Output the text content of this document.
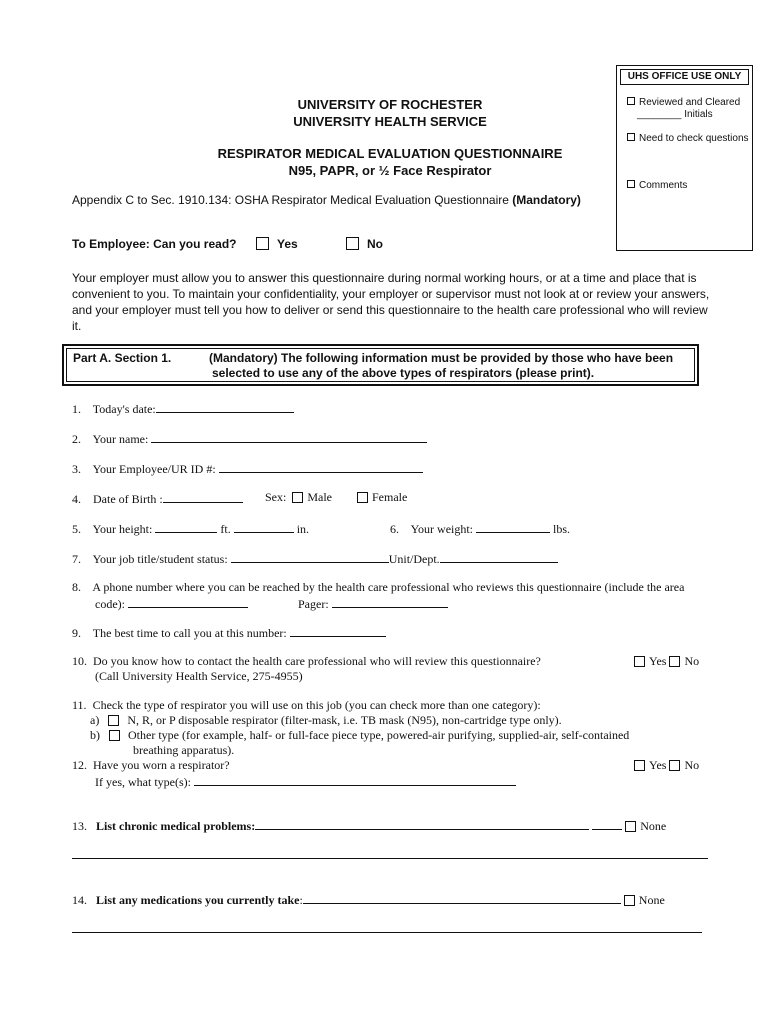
UHS OFFICE USE ONLY
Reviewed and Cleared
________ Initials
Need to check questions
Comments
UNIVERSITY OF ROCHESTER
UNIVERSITY HEALTH SERVICE
RESPIRATOR MEDICAL EVALUATION QUESTIONNAIRE
N95, PAPR, or ½ Face Respirator
Appendix C to Sec. 1910.134: OSHA Respirator Medical Evaluation Questionnaire (Mandatory)
To Employee: Can you read?	Yes	No
Your employer must allow you to answer this questionnaire during normal working hours, or at a time and place that is convenient to you. To maintain your confidentiality, your employer or supervisor must not look at or review your answers, and your employer must tell you how to deliver or send this questionnaire to the health care professional who will review it.
Part A. Section 1.	(Mandatory) The following information must be provided by those who have been
selected to use any of the above types of respirators (please print).
1. Today's date:
2. Your name:
3. Your Employee/UR ID #:
4. Date of Birth :	Sex: Male	Female
5. Your height:	ft.	in.	6. Your weight:	lbs.
7. Your job title/student status:	Unit/Dept.
8. A phone number where you can be reached by the health care professional who reviews this questionnaire (include the area
code):	Pager:
9. The best time to call you at this number:
10. Do you know how to contact the health care professional who will review this questionnaire?
(Call University Health Service, 275-4955)
Yes No
11. Check the type of respirator you will use on this job (you can check more than one category):
a) N, R, or P disposable respirator (filter-mask, i.e. TB mask (N95), non-cartridge type only).
b) Other type (for example, half- or full-face piece type, powered-air purifying, supplied-air, self-contained
breathing apparatus).
12. Have you worn a respirator?
If yes, what type(s):
Yes No
13. List chronic medical problems:	None
14. List any medications you currently take:	None
